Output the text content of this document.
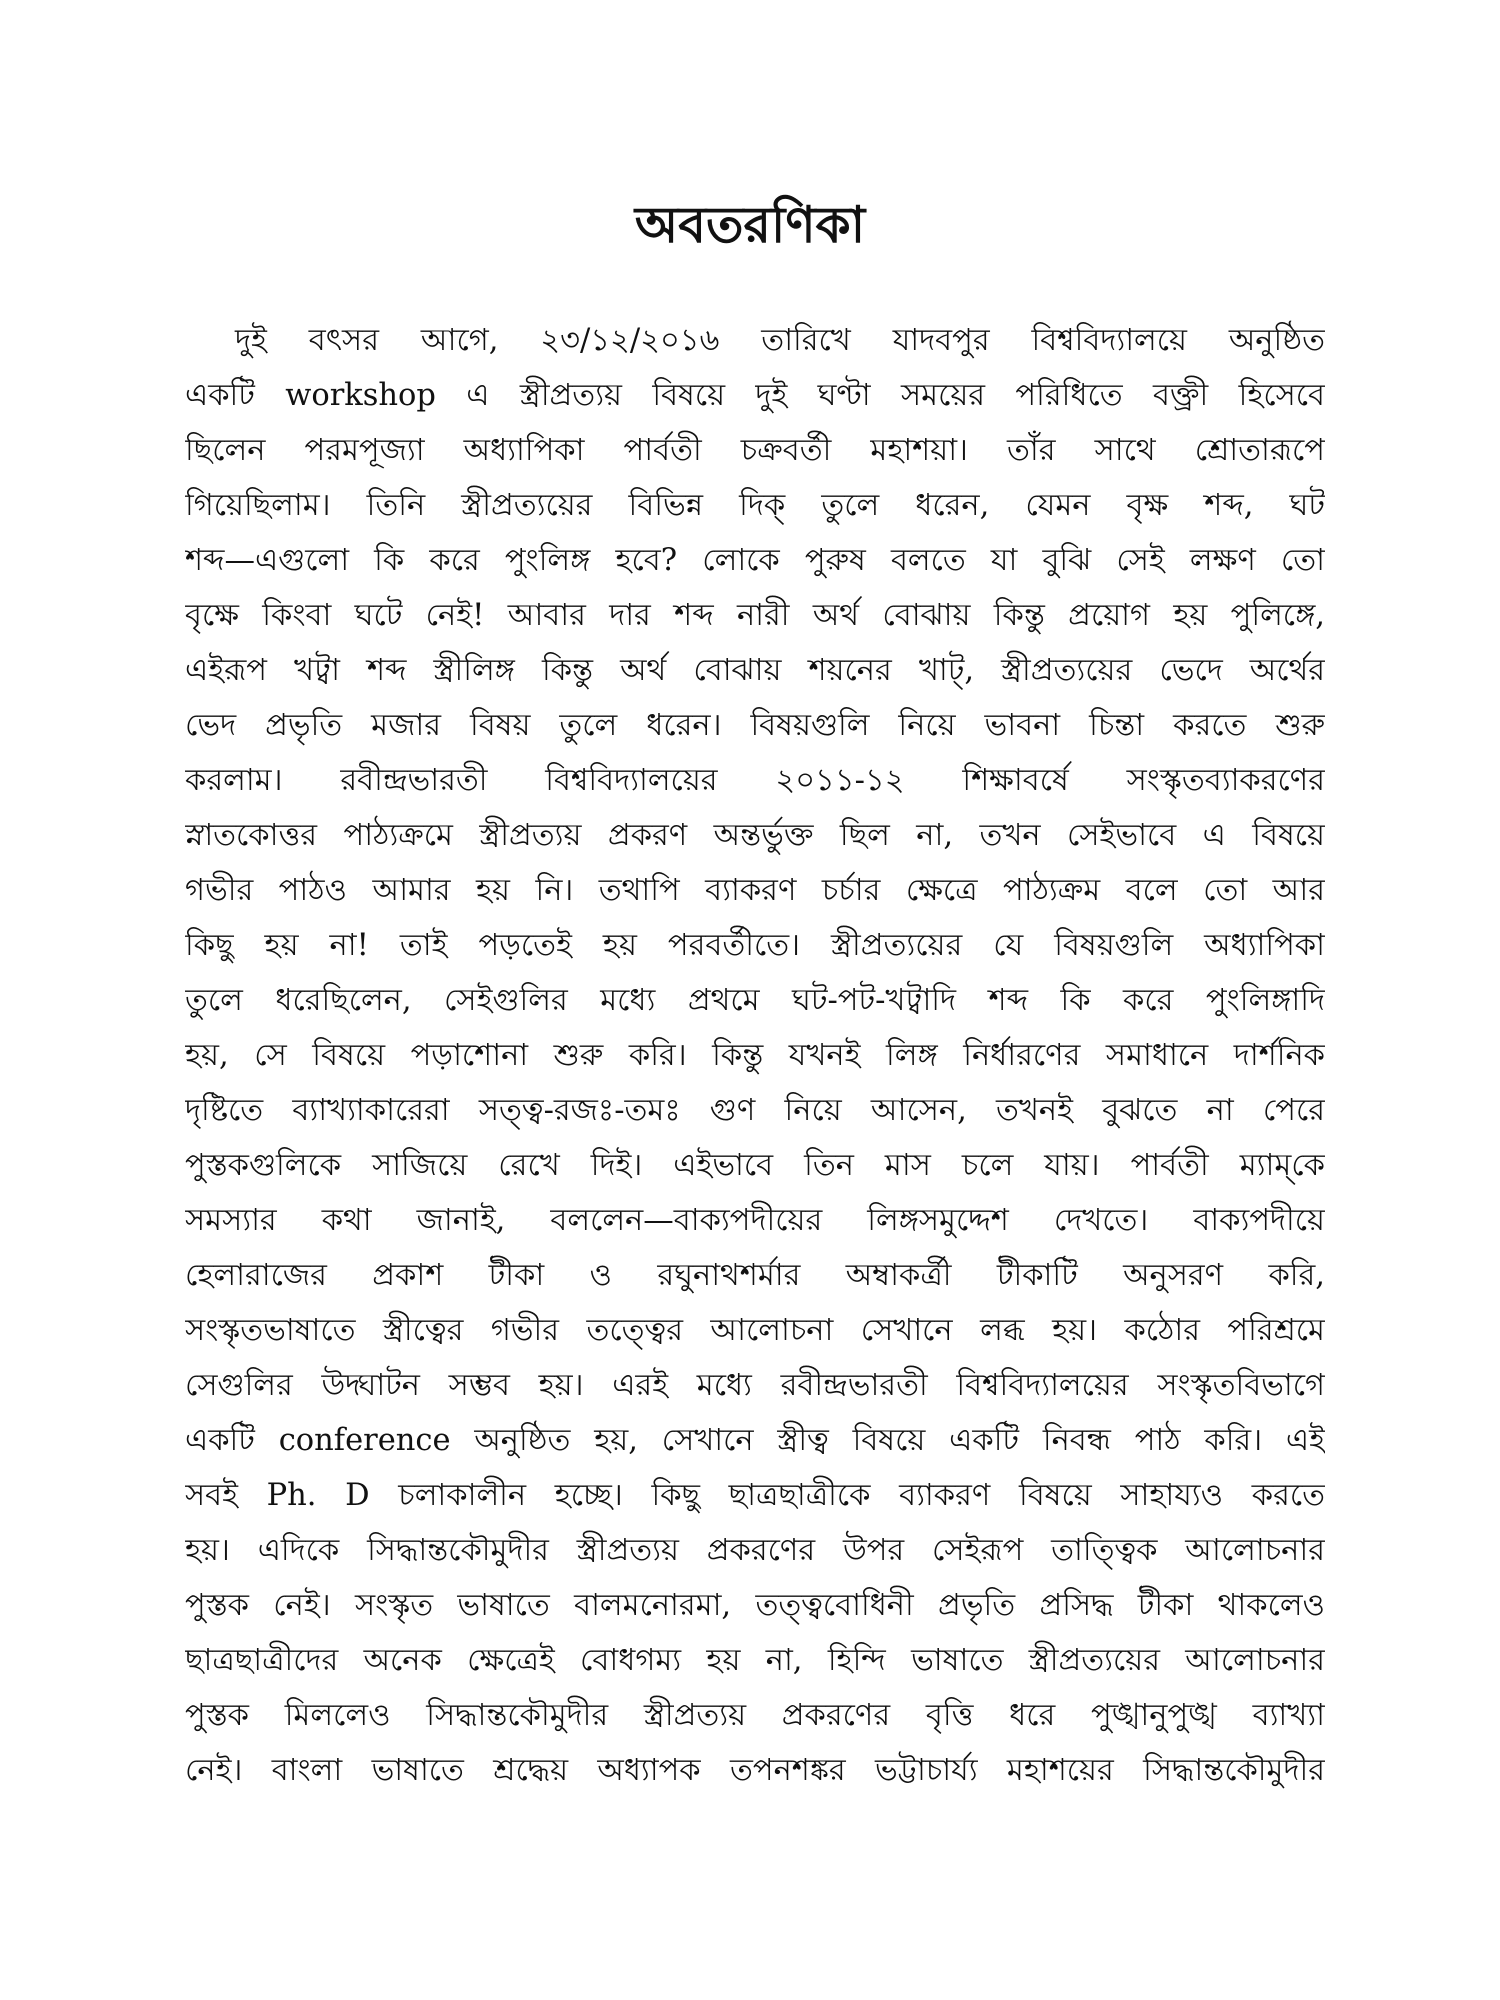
অবতরণিকা
দুই বৎসর আগে, ২৩/১২/২০১৬ তারিখে যাদবপুর বিশ্ববিদ্যালয়ে অনুষ্ঠিত
একটি workshop এ স্ত্রীপ্রত্যয় বিষয়ে দুই ঘণ্টা সময়ের পরিধিতে বক্ত্রী হিসেবে
ছিলেন পরমপূজ্যা অধ্যাপিকা পার্বতী চক্রবর্তী মহাশয়া। তাঁর সাথে শ্রোতারূপে
গিয়েছিলাম। তিনি স্ত্রীপ্রত্যয়ের বিভিন্ন দিক্ তুলে ধরেন, যেমন বৃক্ষ শব্দ, ঘট
শব্দ—এগুলো কি করে পুংলিঙ্গ হবে? লোকে পুরুষ বলতে যা বুঝি সেই লক্ষণ তো
বৃক্ষে কিংবা ঘটে নেই! আবার দার শব্দ নারী অর্থ বোঝায় কিন্তু প্রয়োগ হয় পুলিঙ্গে,
এইরূপ খট্বা শব্দ স্ত্রীলিঙ্গ কিন্তু অর্থ বোঝায় শয়নের খাট্, স্ত্রীপ্রত্যয়ের ভেদে অর্থের
ভেদ প্রভৃতি মজার বিষয় তুলে ধরেন। বিষয়গুলি নিয়ে ভাবনা চিন্তা করতে শুরু
করলাম। রবীন্দ্রভারতী বিশ্ববিদ্যালয়ের ২০১১-১২ শিক্ষাবর্ষে সংস্কৃতব্যাকরণের
স্নাতকোত্তর পাঠ্যক্রমে স্ত্রীপ্রত্যয় প্রকরণ অন্তর্ভুক্ত ছিল না, তখন সেইভাবে এ বিষয়ে
গভীর পাঠও আমার হয় নি। তথাপি ব্যাকরণ চর্চার ক্ষেত্রে পাঠ্যক্রম বলে তো আর
কিছু হয় না! তাই পড়তেই হয় পরবর্তীতে। স্ত্রীপ্রত্যয়ের যে বিষয়গুলি অধ্যাপিকা
তুলে ধরেছিলেন, সেইগুলির মধ্যে প্রথমে ঘট-পট-খট্বাদি শব্দ কি করে পুংলিঙ্গাদি
হয়, সে বিষয়ে পড়াশোনা শুরু করি। কিন্তু যখনই লিঙ্গ নির্ধারণের সমাধানে দার্শনিক
দৃষ্টিতে ব্যাখ্যাকারেরা সত্ত্ব-রজঃ-তমঃ গুণ নিয়ে আসেন, তখনই বুঝতে না পেরে
পুস্তকগুলিকে সাজিয়ে রেখে দিই। এইভাবে তিন মাস চলে যায়। পার্বতী ম্যাম্‌কে
সমস্যার কথা জানাই, বললেন—বাক্যপদীয়ের লিঙ্গসমুদ্দেশ দেখতে। বাক্যপদীয়ে
হেলারাজের প্রকাশ টীকা ও রঘুনাথশর্মার অম্বাকর্ত্রী টীকাটি অনুসরণ করি,
সংস্কৃতভাষাতে স্ত্রীত্বের গভীর তত্ত্বের আলোচনা সেখানে লব্ধ হয়। কঠোর পরিশ্রমে
সেগুলির উদ্ঘাটন সম্ভব হয়। এরই মধ্যে রবীন্দ্রভারতী বিশ্ববিদ্যালয়ের সংস্কৃতবিভাগে
একটি conference অনুষ্ঠিত হয়, সেখানে স্ত্রীত্ব বিষয়ে একটি নিবন্ধ পাঠ করি। এই
সবই Ph. D চলাকালীন হচ্ছে। কিছু ছাত্রছাত্রীকে ব্যাকরণ বিষয়ে সাহায্যও করতে
হয়। এদিকে সিদ্ধান্তকৌমুদীর স্ত্রীপ্রত্যয় প্রকরণের উপর সেইরূপ তাত্ত্বিক আলোচনার
পুস্তক নেই। সংস্কৃত ভাষাতে বালমনোরমা, তত্ত্ববোধিনী প্রভৃতি প্রসিদ্ধ টীকা থাকলেও
ছাত্রছাত্রীদের অনেক ক্ষেত্রেই বোধগম্য হয় না, হিন্দি ভাষাতে স্ত্রীপ্রত্যয়ের আলোচনার
পুস্তক মিললেও সিদ্ধান্তকৌমুদীর স্ত্রীপ্রত্যয় প্রকরণের বৃত্তি ধরে পুঙ্খানুপুঙ্খ ব্যাখ্যা
নেই। বাংলা ভাষাতে শ্রদ্ধেয় অধ্যাপক তপনশঙ্কর ভট্টাচার্য্য মহাশয়ের সিদ্ধান্তকৌমুদীর
